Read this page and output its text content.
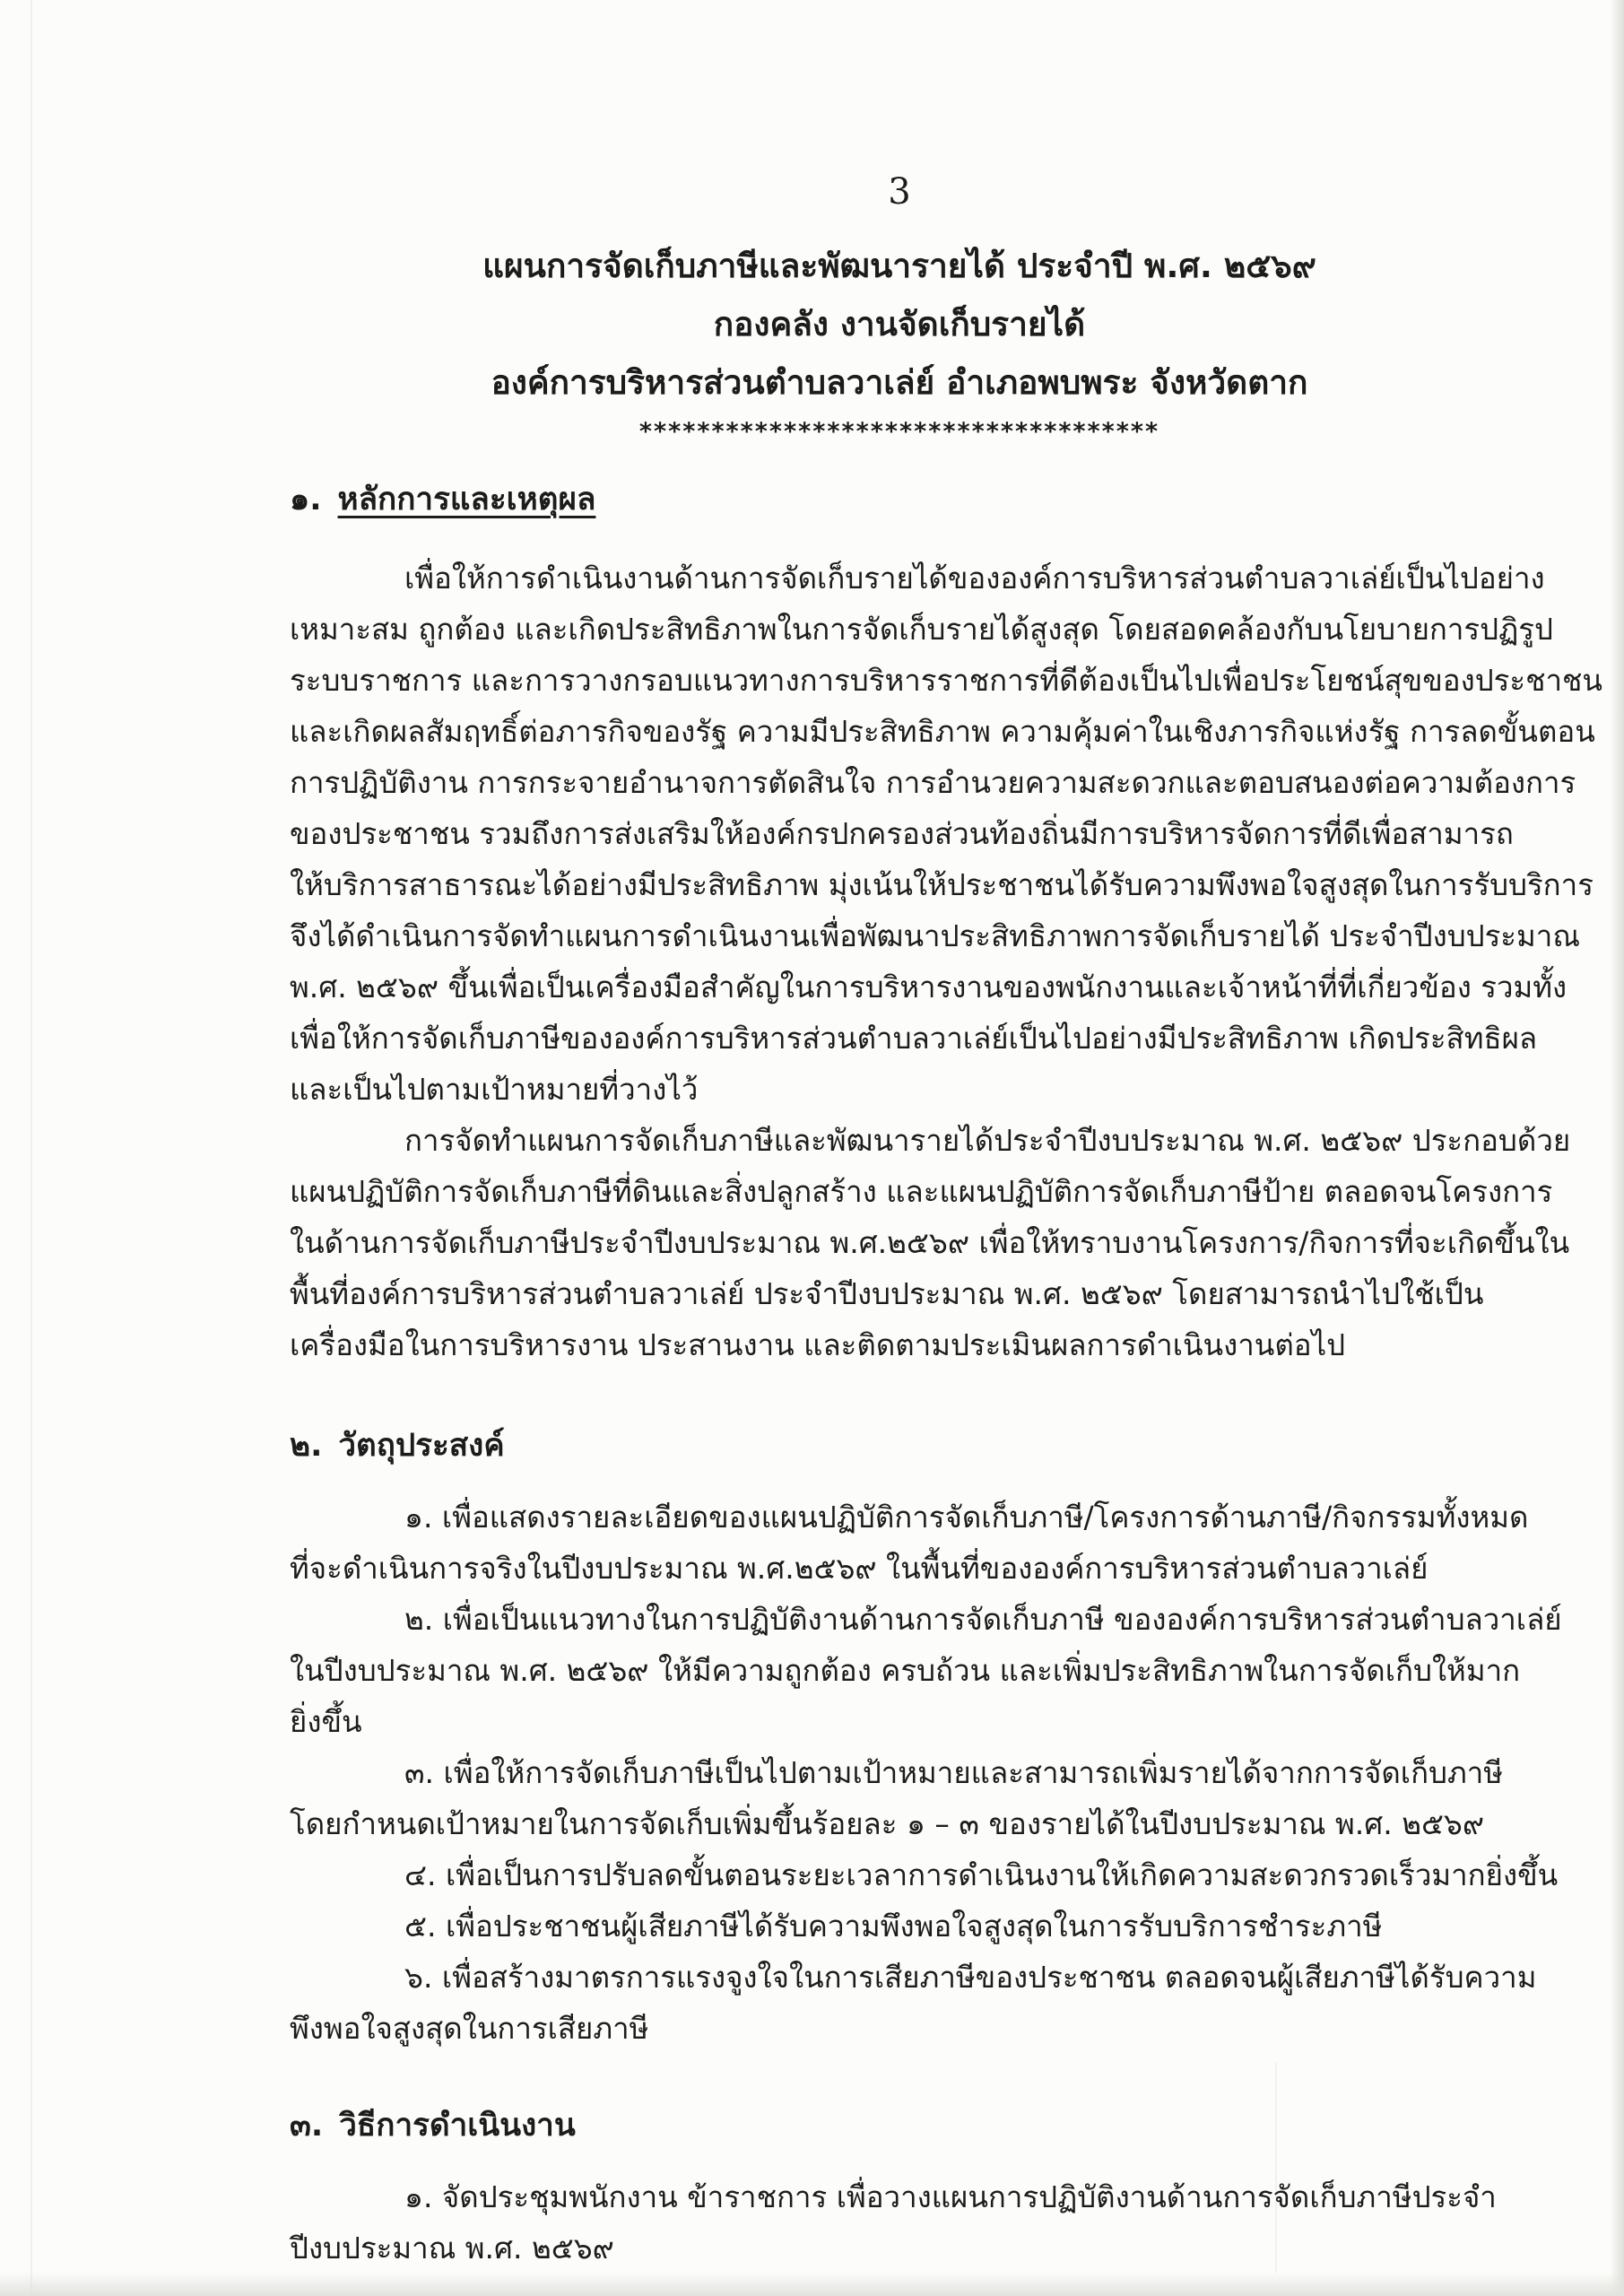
3
แผนการจัดเก็บภาษีและพัฒนารายได้ ประจำปี พ.ศ. ๒๕๖๙
กองคลัง งานจัดเก็บรายได้
องค์การบริหารส่วนตำบลวาเล่ย์ อำเภอพบพระ จังหวัดตาก
************************************
๑. หลักการและเหตุผล
เพื่อให้การดำเนินงานด้านการจัดเก็บรายได้ขององค์การบริหารส่วนตำบลวาเล่ย์เป็นไปอย่าง
เหมาะสม ถูกต้อง และเกิดประสิทธิภาพในการจัดเก็บรายได้สูงสุด โดยสอดคล้องกับนโยบายการปฏิรูป
ระบบราชการ และการวางกรอบแนวทางการบริหารราชการที่ดีต้องเป็นไปเพื่อประโยชน์สุขของประชาชน
และเกิดผลสัมฤทธิ์ต่อภารกิจของรัฐ ความมีประสิทธิภาพ ความคุ้มค่าในเชิงภารกิจแห่งรัฐ การลดขั้นตอน
การปฏิบัติงาน การกระจายอำนาจการตัดสินใจ การอำนวยความสะดวกและตอบสนองต่อความต้องการ
ของประชาชน รวมถึงการส่งเสริมให้องค์กรปกครองส่วนท้องถิ่นมีการบริหารจัดการที่ดีเพื่อสามารถ
ให้บริการสาธารณะได้อย่างมีประสิทธิภาพ มุ่งเน้นให้ประชาชนได้รับความพึงพอใจสูงสุดในการรับบริการ
จึงได้ดำเนินการจัดทำแผนการดำเนินงานเพื่อพัฒนาประสิทธิภาพการจัดเก็บรายได้ ประจำปีงบประมาณ
พ.ศ. ๒๕๖๙ ขึ้นเพื่อเป็นเครื่องมือสำคัญในการบริหารงานของพนักงานและเจ้าหน้าที่ที่เกี่ยวข้อง รวมทั้ง
เพื่อให้การจัดเก็บภาษีขององค์การบริหารส่วนตำบลวาเล่ย์เป็นไปอย่างมีประสิทธิภาพ เกิดประสิทธิผล
และเป็นไปตามเป้าหมายที่วางไว้
การจัดทำแผนการจัดเก็บภาษีและพัฒนารายได้ประจำปีงบประมาณ พ.ศ. ๒๕๖๙ ประกอบด้วย
แผนปฏิบัติการจัดเก็บภาษีที่ดินและสิ่งปลูกสร้าง และแผนปฏิบัติการจัดเก็บภาษีป้าย ตลอดจนโครงการ
ในด้านการจัดเก็บภาษีประจำปีงบประมาณ พ.ศ.๒๕๖๙ เพื่อให้ทราบงานโครงการ/กิจการที่จะเกิดขึ้นใน
พื้นที่องค์การบริหารส่วนตำบลวาเล่ย์ ประจำปีงบประมาณ พ.ศ. ๒๕๖๙ โดยสามารถนำไปใช้เป็น
เครื่องมือในการบริหารงาน ประสานงาน และติดตามประเมินผลการดำเนินงานต่อไป
๒. วัตถุประสงค์
๑. เพื่อแสดงรายละเอียดของแผนปฏิบัติการจัดเก็บภาษี/โครงการด้านภาษี/กิจกรรมทั้งหมด
ที่จะดำเนินการจริงในปีงบประมาณ พ.ศ.๒๕๖๙ ในพื้นที่ขององค์การบริหารส่วนตำบลวาเล่ย์
๒. เพื่อเป็นแนวทางในการปฏิบัติงานด้านการจัดเก็บภาษี ขององค์การบริหารส่วนตำบลวาเล่ย์
ในปีงบประมาณ พ.ศ. ๒๕๖๙ ให้มีความถูกต้อง ครบถ้วน และเพิ่มประสิทธิภาพในการจัดเก็บให้มาก
ยิ่งขึ้น
๓. เพื่อให้การจัดเก็บภาษีเป็นไปตามเป้าหมายและสามารถเพิ่มรายได้จากการจัดเก็บภาษี
โดยกำหนดเป้าหมายในการจัดเก็บเพิ่มขึ้นร้อยละ ๑ – ๓ ของรายได้ในปีงบประมาณ พ.ศ. ๒๕๖๙
๔. เพื่อเป็นการปรับลดขั้นตอนระยะเวลาการดำเนินงานให้เกิดความสะดวกรวดเร็วมากยิ่งขึ้น
๕. เพื่อประชาชนผู้เสียภาษีได้รับความพึงพอใจสูงสุดในการรับบริการชำระภาษี
๖. เพื่อสร้างมาตรการแรงจูงใจในการเสียภาษีของประชาชน ตลอดจนผู้เสียภาษีได้รับความ
พึงพอใจสูงสุดในการเสียภาษี
๓. วิธีการดำเนินงาน
๑. จัดประชุมพนักงาน ข้าราชการ เพื่อวางแผนการปฏิบัติงานด้านการจัดเก็บภาษีประจำ
ปีงบประมาณ พ.ศ. ๒๕๖๙
